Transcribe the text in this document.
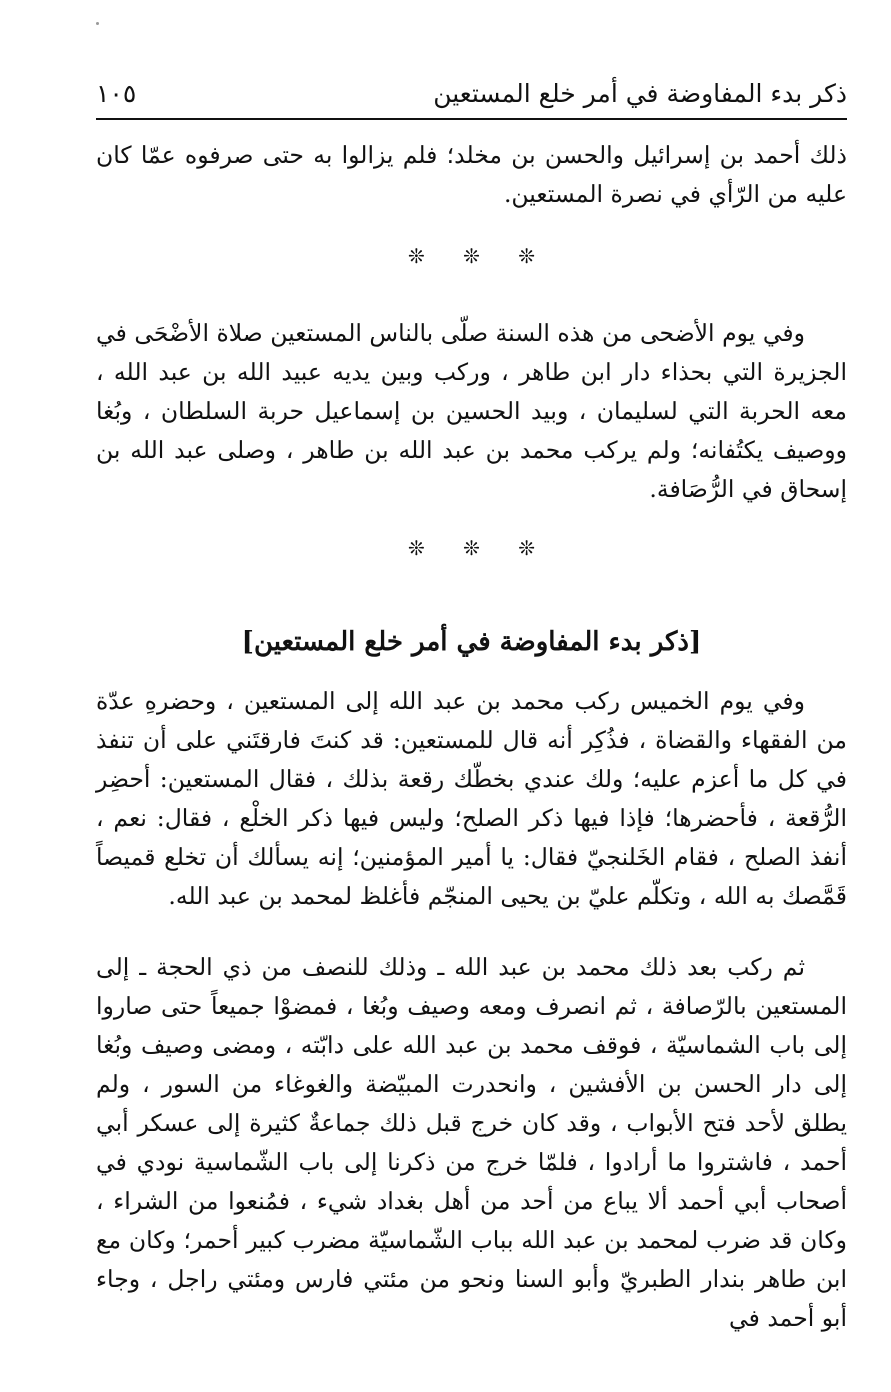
ذكر بدء المفاوضة في أمر خلع المستعين
١٠٥

ذلك أحمد بن إسرائيل والحسن بن مخلد؛ فلم يزالوا به حتى صرفوه عمّا كان عليه من الرّأي في نصرة المستعين.

❊ ❊ ❊

وفي يوم الأضحى من هذه السنة صلّى بالناس المستعين صلاة الأضْحَى في الجزيرة التي بحذاء دار ابن طاهر ، وركب وبين يديه عبيد الله بن عبد الله ، معه الحربة التي لسليمان ، وبيد الحسين بن إسماعيل حربة السلطان ، وبُغا ووصيف يكتُفانه؛ ولم يركب محمد بن عبد الله بن طاهر ، وصلى عبد الله بن إسحاق في الرُّصَافة.

❊ ❊ ❊
[ذكر بدء المفاوضة في أمر خلع المستعين]

وفي يوم الخميس ركب محمد بن عبد الله إلى المستعين ، وحضرهِ عدّة من الفقهاء والقضاة ، فذُكِر أنه قال للمستعين: قد كنتَ فارقتَني على أن تنفذ في كل ما أعزم عليه؛ ولك عندي بخطّك رقعة بذلك ، فقال المستعين: أحضِر الرُّقعة ، فأحضرها؛ فإذا فيها ذكر الصلح؛ وليس فيها ذكر الخلْع ، فقال: نعم ، أنفذ الصلح ، فقام الخَلنجيّ فقال: يا أمير المؤمنين؛ إنه يسألك أن تخلع قميصاً قَمَّصك به الله ، وتكلّم عليّ بن يحيى المنجّم فأغلظ لمحمد بن عبد الله.

ثم ركب بعد ذلك محمد بن عبد الله ـ وذلك للنصف من ذي الحجة ـ إلى المستعين بالرّصافة ، ثم انصرف ومعه وصيف وبُغا ، فمضوْا جميعاً حتى صاروا إلى باب الشماسيّة ، فوقف محمد بن عبد الله على دابّته ، ومضى وصيف وبُغا إلى دار الحسن بن الأفشين ، وانحدرت المبيّضة والغوغاء من السور ، ولم يطلق لأحد فتح الأبواب ، وقد كان خرج قبل ذلك جماعةٌ كثيرة إلى عسكر أبي أحمد ، فاشتروا ما أرادوا ، فلمّا خرج من ذكرنا إلى باب الشّماسية نودي في أصحاب أبي أحمد ألا يباع من أحد من أهل بغداد شيء ، فمُنعوا من الشراء ، وكان قد ضرب لمحمد بن عبد الله بباب الشّماسيّة مضرب كبير أحمر؛ وكان مع ابن طاهر بندار الطبريّ وأبو السنا ونحو من مئتي فارس ومئتي راجل ، وجاء أبو أحمد في
